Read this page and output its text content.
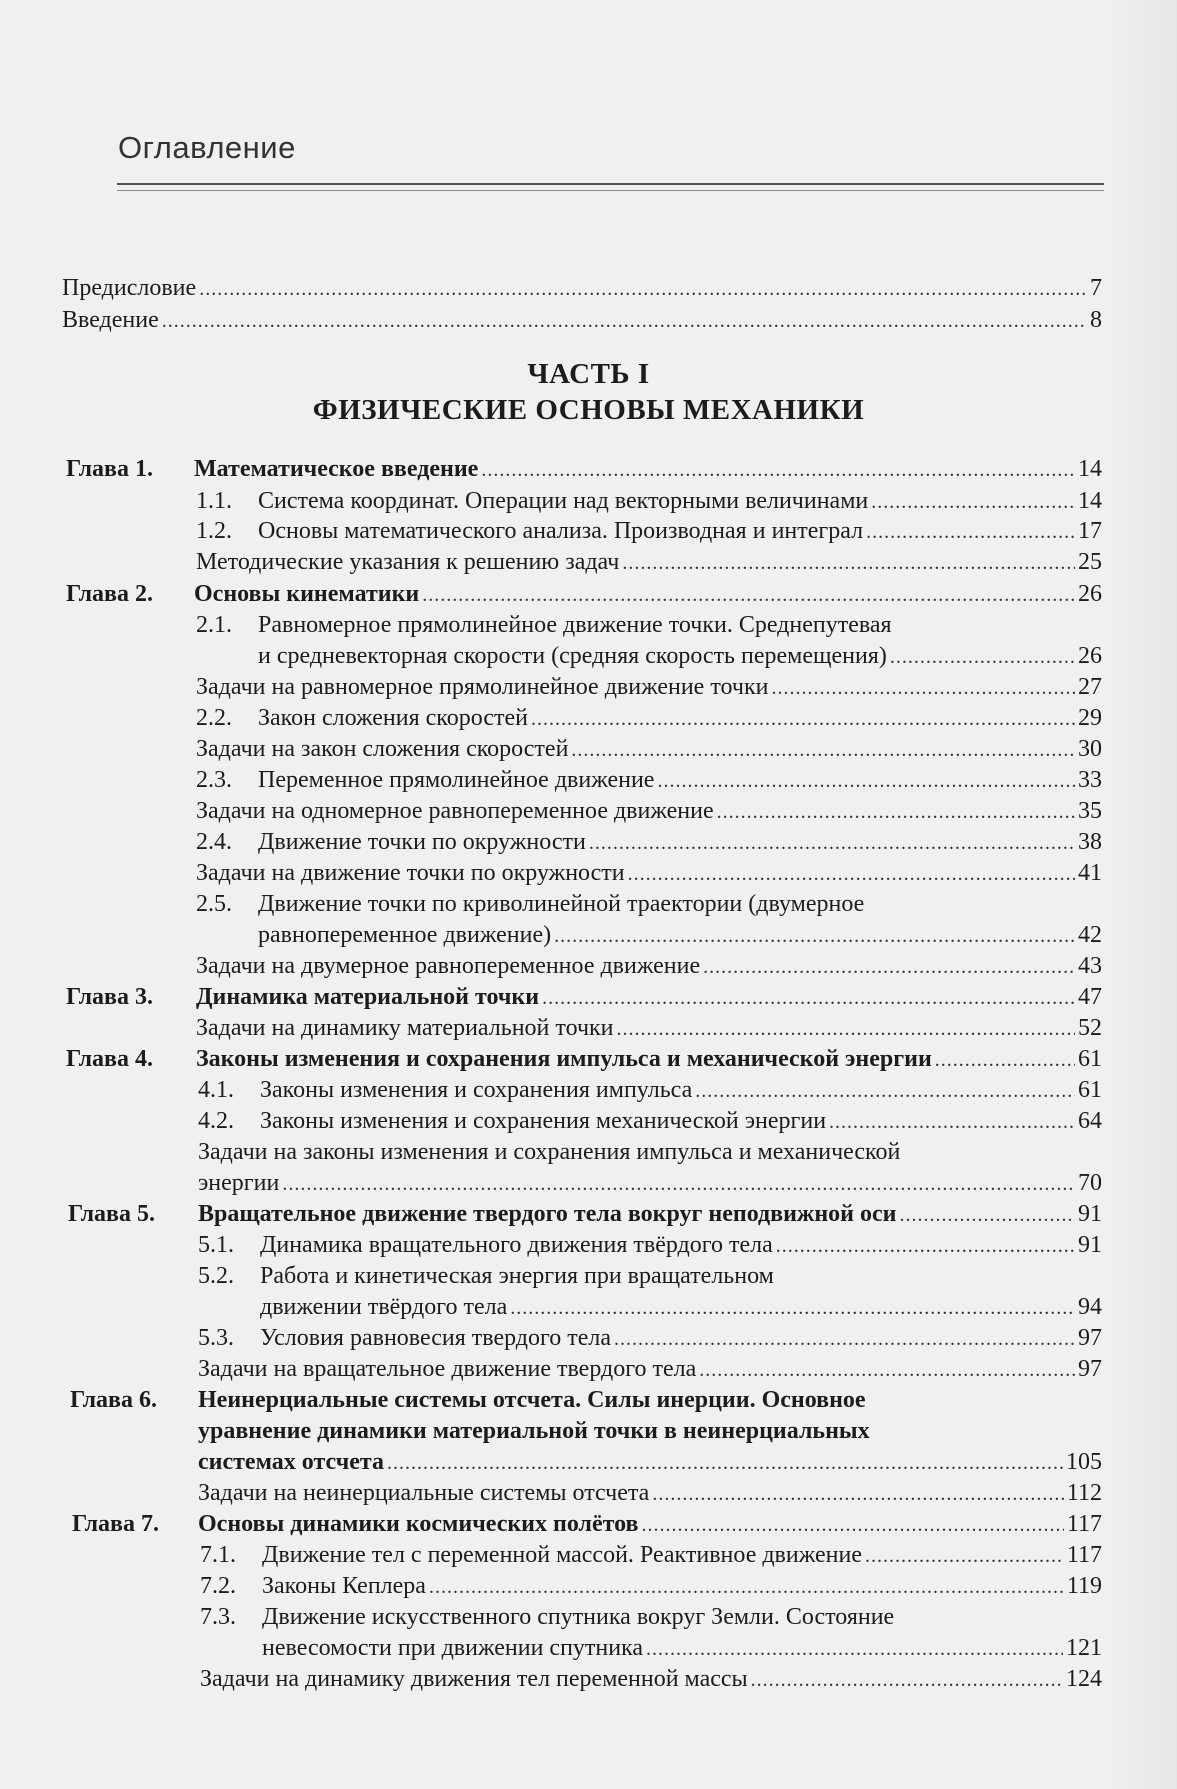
Оглавление
Предисловие .....	7
Введение .....	8
ЧАСТЬ I
ФИЗИЧЕСКИЕ ОСНОВЫ МЕХАНИКИ
Глава 1. Математическое введение .....	14
1.1. Система координат. Операции над векторными величинами .....	14
1.2. Основы математического анализа. Производная и интеграл .....	17
Методические указания к решению задач .....	25
Глава 2. Основы кинематики .....	26
2.1. Равномерное прямолинейное движение точки. Среднепутевая
и средневекторная скорости (средняя скорость перемещения) .....	26
Задачи на равномерное прямолинейное движение точки .....	27
2.2. Закон сложения скоростей .....	29
Задачи на закон сложения скоростей .....	30
2.3. Переменное прямолинейное движение .....	33
Задачи на одномерное равнопеременное движение .....	35
2.4. Движение точки по окружности .....	38
Задачи на движение точки по окружности .....	41
2.5. Движение точки по криволинейной траектории (двумерное
равнопеременное движение) .....	42
Задачи на двумерное равнопеременное движение .....	43
Глава 3. Динамика материальной точки .....	47
Задачи на динамику материальной точки .....	52
Глава 4. Законы изменения и сохранения импульса и механической энергии .....	61
4.1. Законы изменения и сохранения импульса .....	61
4.2. Законы изменения и сохранения механической энергии .....	64
Задачи на законы изменения и сохранения импульса и механической
энергии .....	70
Глава 5. Вращательное движение твердого тела вокруг неподвижной оси .....	91
5.1. Динамика вращательного движения твёрдого тела .....	91
5.2. Работа и кинетическая энергия при вращательном
движении твёрдого тела .....	94
5.3. Условия равновесия твердого тела .....	97
Задачи на вращательное движение твердого тела .....	97
Глава 6. Неинерциальные системы отсчета. Силы инерции. Основное
уравнение динамики материальной точки в неинерциальных
системах отсчета .....	105
Задачи на неинерциальные системы отсчета .....	112
Глава 7. Основы динамики космических полётов .....	117
7.1. Движение тел с переменной массой. Реактивное движение .....	117
7.2. Законы Кеплера .....	119
7.3. Движение искусственного спутника вокруг Земли. Состояние
невесомости при движении спутника .....	121
Задачи на динамику движения тел переменной массы .....	124
